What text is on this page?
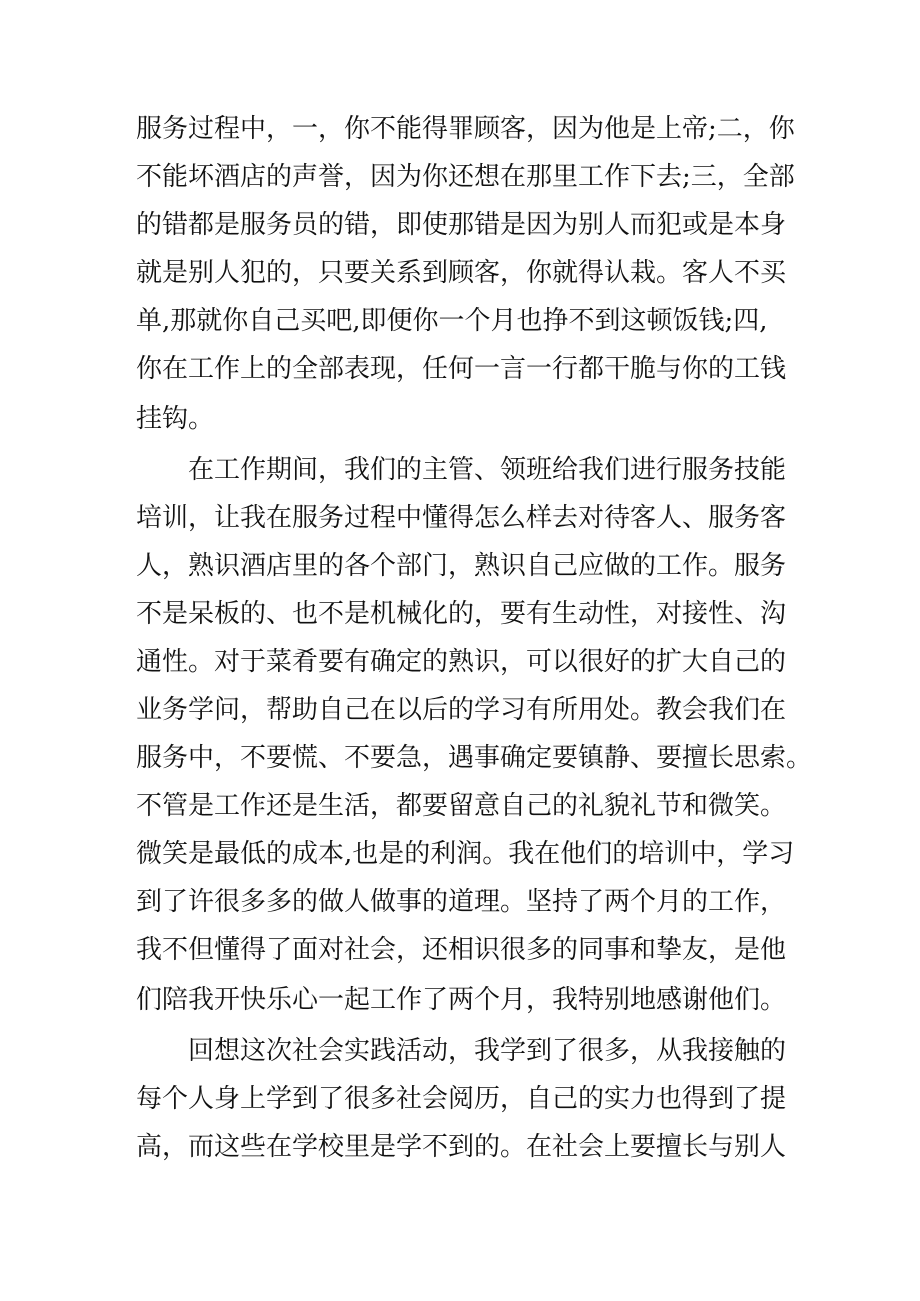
服务过程中，一，你不能得罪顾客，因为他是上帝;二，你
不能坏酒店的声誉，因为你还想在那里工作下去;三，全部
的错都是服务员的错，即使那错是因为别人而犯或是本身
就是别人犯的，只要关系到顾客，你就得认栽。客人不买
单,那就你自己买吧,即便你一个月也挣不到这顿饭钱;四,
你在工作上的全部表现，任何一言一行都干脆与你的工钱
挂钩。
在工作期间，我们的主管、领班给我们进行服务技能
培训，让我在服务过程中懂得怎么样去对待客人、服务客
人，熟识酒店里的各个部门，熟识自己应做的工作。服务
不是呆板的、也不是机械化的，要有生动性，对接性、沟
通性。对于菜肴要有确定的熟识，可以很好的扩大自己的
业务学问，帮助自己在以后的学习有所用处。教会我们在
服务中，不要慌、不要急，遇事确定要镇静、要擅长思索。
不管是工作还是生活，都要留意自己的礼貌礼节和微笑。
微笑是最低的成本,也是的利润。我在他们的培训中，学习
到了许很多多的做人做事的道理。坚持了两个月的工作，
我不但懂得了面对社会，还相识很多的同事和挚友，是他
们陪我开快乐心一起工作了两个月，我特别地感谢他们。
回想这次社会实践活动，我学到了很多，从我接触的
每个人身上学到了很多社会阅历，自己的实力也得到了提
高，而这些在学校里是学不到的。在社会上要擅长与别人
